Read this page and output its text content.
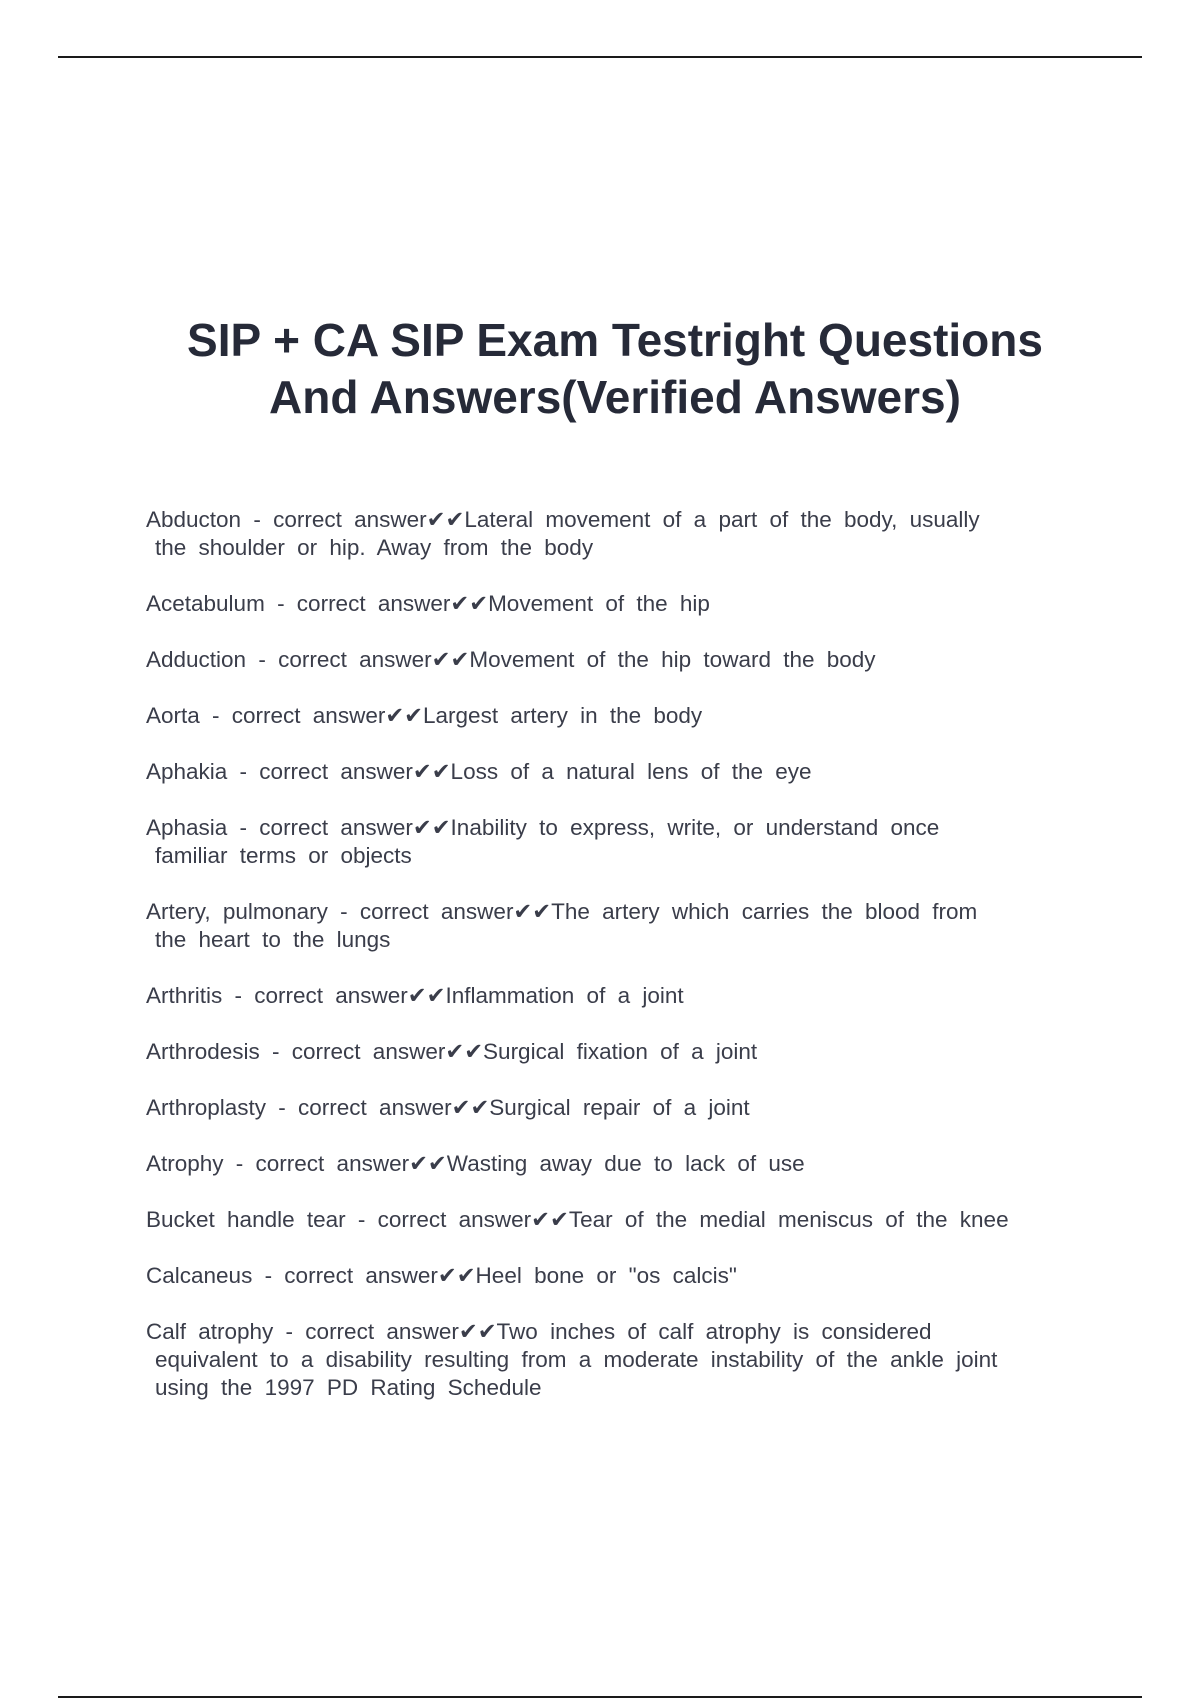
SIP + CA SIP Exam Testright Questions
And Answers(Verified Answers)
Abducton - correct answer✔✔Lateral movement of a part of the body, usually
the shoulder or hip. Away from the body
Acetabulum - correct answer✔✔Movement of the hip
Adduction - correct answer✔✔Movement of the hip toward the body
Aorta - correct answer✔✔Largest artery in the body
Aphakia - correct answer✔✔Loss of a natural lens of the eye
Aphasia - correct answer✔✔Inability to express, write, or understand once
familiar terms or objects
Artery, pulmonary - correct answer✔✔The artery which carries the blood from
the heart to the lungs
Arthritis - correct answer✔✔Inflammation of a joint
Arthrodesis - correct answer✔✔Surgical fixation of a joint
Arthroplasty - correct answer✔✔Surgical repair of a joint
Atrophy - correct answer✔✔Wasting away due to lack of use
Bucket handle tear - correct answer✔✔Tear of the medial meniscus of the knee
Calcaneus - correct answer✔✔Heel bone or "os calcis"
Calf atrophy - correct answer✔✔Two inches of calf atrophy is considered
equivalent to a disability resulting from a moderate instability of the ankle joint
using the 1997 PD Rating Schedule
